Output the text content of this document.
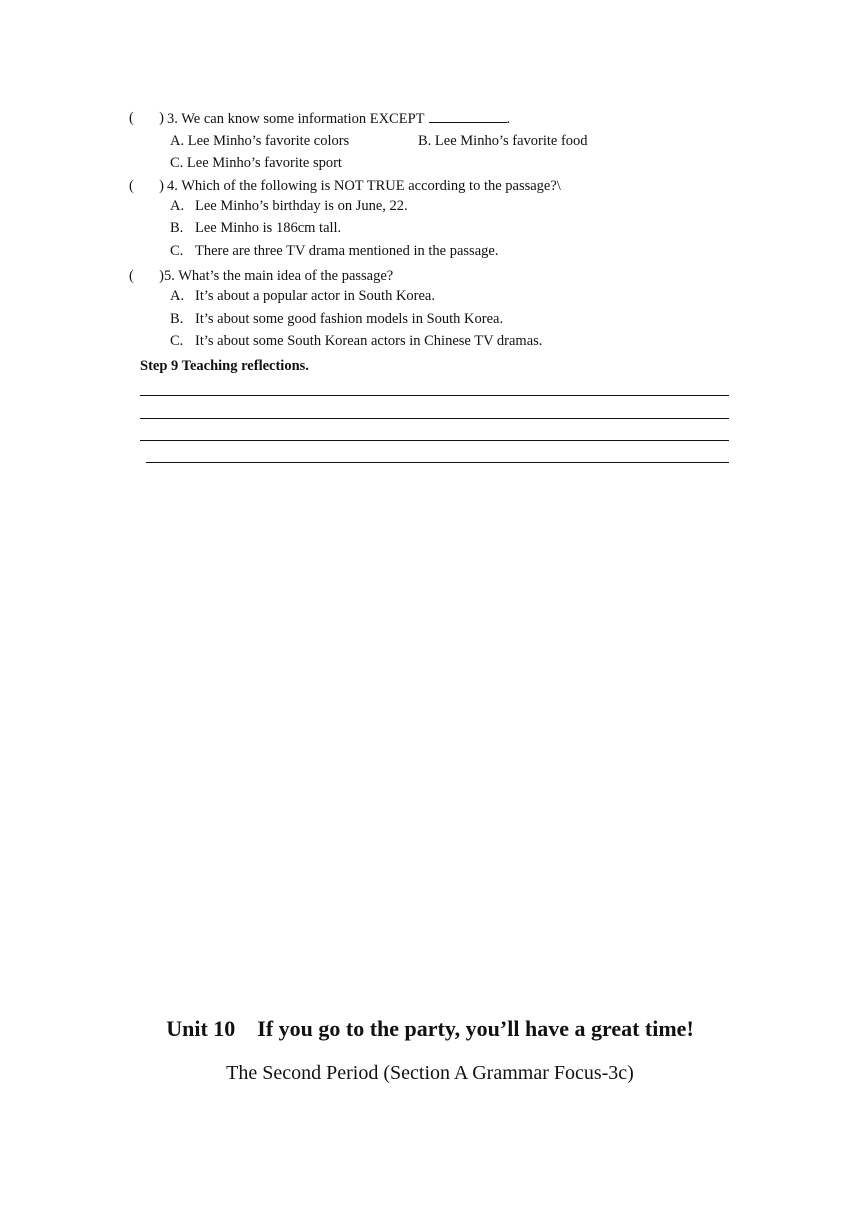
( ) 3. We can know some information EXCEPT	.
A. Lee Minho’s favorite colors	B. Lee Minho’s favorite food
C. Lee Minho’s favorite sport
( ) 4. Which of the following is NOT TRUE according to the passage?\
A. Lee Minho’s birthday is on June, 22.
B. Lee Minho is 186cm tall.
C. There are three TV drama mentioned in the passage.
( ) 5. What’s the main idea of the passage?
A. It’s about a popular actor in South Korea.
B. It’s about some good fashion models in South Korea.
C. It’s about some South Korean actors in Chinese TV dramas.
Step 9 Teaching reflections.
Unit 10    If you go to the party, you’ll have a great time!
The Second Period (Section A Grammar Focus-3c)
